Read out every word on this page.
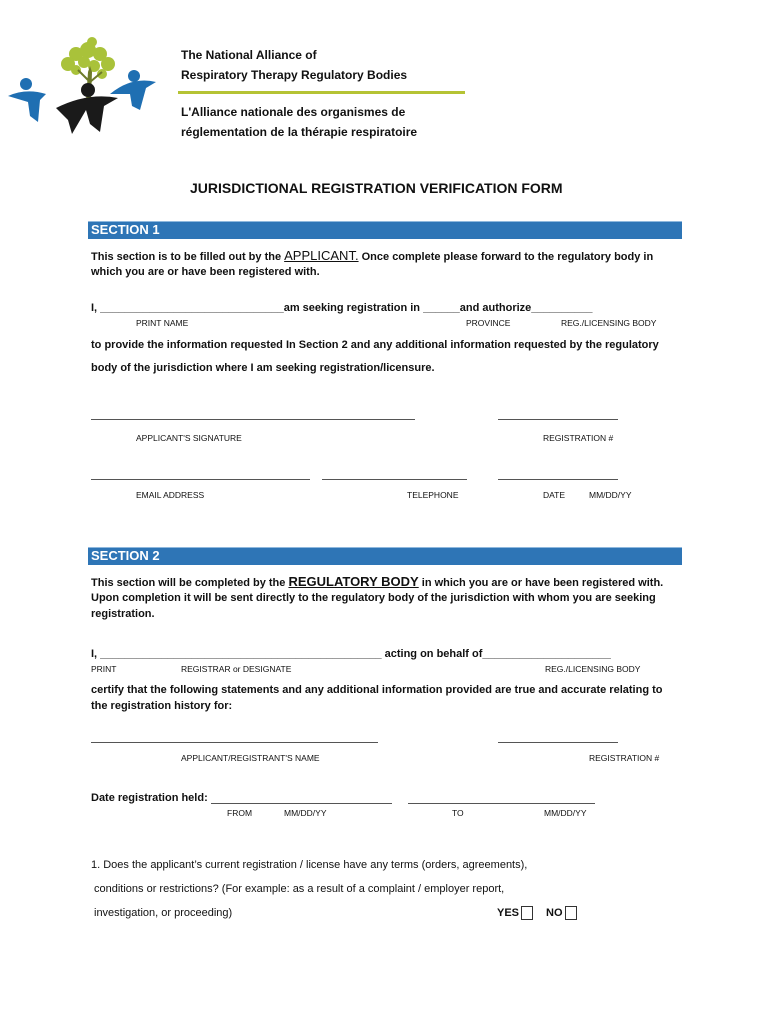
The National Alliance of
Respiratory Therapy Regulatory Bodies
L'Alliance nationale des organismes de
réglementation de la thérapie respiratoire
JURISDICTIONAL REGISTRATION VERIFICATION FORM
SECTION 1
This section is to be filled out by the APPLICANT. Once complete please forward to the regulatory body in
which you are or have been registered with.
I, ______________________________am seeking registration in ______and authorize__________
PRINT NAME	PROVINCE	REG./LICENSING BODY
to provide the information requested In Section 2 and any additional information requested by the regulatory
body of the jurisdiction where I am seeking registration/licensure.
APPLICANT'S SIGNATURE	REGISTRATION #
EMAIL ADDRESS	TELEPHONE	DATE	MM/DD/YY
SECTION 2
This section will be completed by the REGULATORY BODY in which you are or have been registered with.
Upon completion it will be sent directly to the regulatory body of the jurisdiction with whom you are seeking
registration.
I, ______________________________________________ acting on behalf of_____________________
PRINT	REGISTRAR or DESIGNATE	REG./LICENSING BODY
certify that the following statements and any additional information provided are true and accurate relating to
the registration history for:
APPLICANT/REGISTRANT'S NAME	REGISTRATION #
Date registration held:
FROM	MM/DD/YY	TO	MM/DD/YY
1. Does the applicant’s current registration / license have any terms (orders, agreements),
conditions or restrictions? (For example: as a result of a complaint / employer report,
investigation, or proceeding)	YES	NO
